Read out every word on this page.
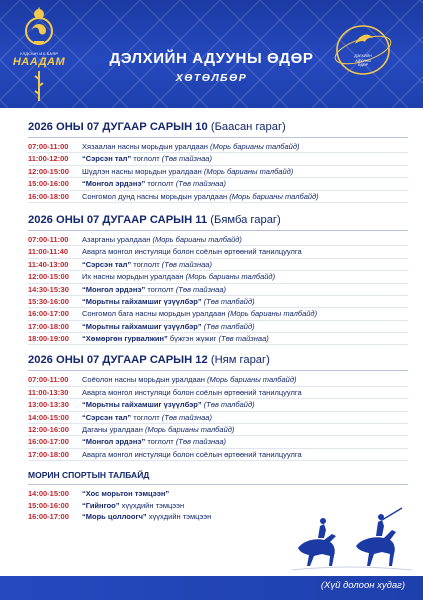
УЛДСЫН ИХ БАЯР
НААДАМ	ДЭЛХИЙН АДУУНЫ ӨДӨР
ХӨТӨЛБӨР
ДЭЛХИЙН
АДУУНЫ
ӨДӨР
2026 ОНЫ 07 ДУГААР САРЫН 10 (Баасан гараг)
07:00-11:00 Хязаалан насны морьдын уралдаан (Морь барианы талбайд)
11:00-12:00 “Сэрсэн тал” тоглолт (Төв тайзнаа)
12:00-15:00 Шүдлэн насны морьдын уралдаан (Морь барианы талбайд)
15:00-16:00 “Монгол эрдэнэ” тоглолт (Төв тайзнаа)
16:00-18:00 Сонгомол дунд насны морьдын уралдаан (Морь барианы талбайд)
2026 ОНЫ 07 ДУГААР САРЫН 11 (Бямба гараг)
07:00-11:00 Азарганы уралдаан (Морь барианы талбайд)
11:00-11:40 Аварга монгол инстуляци болон соёлын өртөөний танилцуулга
11:40-13:00 “Сэрсэн тал” тоглолт (Төв тайзнаа)
12:00-15:00 Их насны морьдын уралдаан (Морь барианы талбайд)
14:30-15:30 “Монгол эрдэнэ” тоглолт (Төв тайзнаа)
15:30-16:00 “Морьтны гайхамшиг үзүүлбэр” (Төв талбайд)
16:00-17:00 Сонгомол бага насны морьдын уралдаан (Морь барианы талбайд)
17:00-18:00 “Морьтны гайхамшиг үзүүлбэр” (Төв талбайд)
18:00-19:00 “Хөмөргөн гурвалжин” бүжгэн жүжиг (Төв тайзнаа)
2026 ОНЫ 07 ДУГААР САРЫН 12 (Ням гараг)
07:00-11:00 Соёолон насны морьдын уралдаан (Морь барианы талбайд)
11:00-13:30 Аварга монгол инстуляци болон соёлын өртөөний танилцуулга
13:00-13:30 “Морьтны гайхамшиг үзүүлбэр” (Төв талбайд)
14:00-15:00 “Сэрсэн тал” тоглолт (Төв тайзнаа)
12:00-16:00 Даганы уралдаан (Морь барианы талбайд)
16:00-17:00 “Монгол эрдэнэ” тоглолт (Төв тайзнаа)
17:00-18:00 Аварга монгол инстуляци болон соёлын өртөөний танилцуулга
МОРИН СПОРТЫН ТАЛБАЙД
14:00-15:00 “Хос морьтон тэмцээн”
15:00-16:00 “Гийнгоо” хүүхдийн тэмцээн
16:00-17:00 “Морь цоллоогч” хүүхдийн тэмцээн
(Хүй долоон худаг)
